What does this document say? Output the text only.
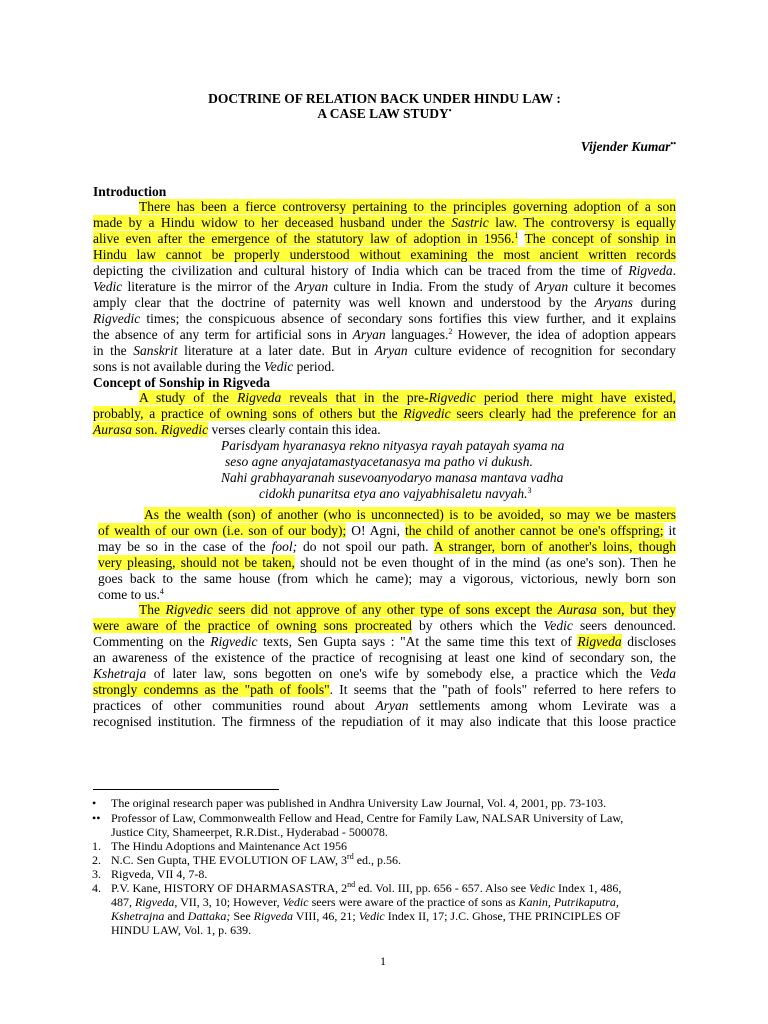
DOCTRINE OF RELATION BACK UNDER HINDU LAW :
A CASE LAW STUDY•
Vijender Kumar••
Introduction
There has been a fierce controversy pertaining to the principles governing adoption of a son
made by a Hindu widow to her deceased husband under the Sastric law. The controversy is equally
alive even after the emergence of the statutory law of adoption in 1956.$^1$ The concept of sonship in
Hindu law cannot be properly understood without examining the most ancient written records
depicting the civilization and cultural history of India which can be traced from the time of Rigveda.
Vedic literature is the mirror of the Aryan culture in India. From the study of Aryan culture it becomes
amply clear that the doctrine of paternity was well known and understood by the Aryans during
Rigvedic times; the conspicuous absence of secondary sons fortifies this view further, and it explains
the absence of any term for artificial sons in Aryan languages.$^2$ However, the idea of adoption appears
in the Sanskrit literature at a later date. But in Aryan culture evidence of recognition for secondary
sons is not available during the Vedic period.
Concept of Sonship in Rigveda
A study of the Rigveda reveals that in the pre-Rigvedic period there might have existed,
probably, a practice of owning sons of others but the Rigvedic seers clearly had the preference for an
Aurasa son. Rigvedic verses clearly contain this idea.
Parisdyam hyaranasya rekno nityasya rayah patayah syama na
seso agne anyajatamastyacetanasya ma patho vi dukush.
Nahi grabhayaranah susevoanyodaryo manasa mantava vadha
cidokh punaritsa etya ano vajyabhisaletu navyah.$^3$
As the wealth (son) of another (who is unconnected) is to be avoided, so may we be masters
of wealth of our own (i.e. son of our body); O! Agni, the child of another cannot be one's offspring; it
may be so in the case of the fool; do not spoil our path. A stranger, born of another's loins, though
very pleasing, should not be taken, should not be even thought of in the mind (as one's son). Then he
goes back to the same house (from which he came); may a vigorous, victorious, newly born son
come to us.$^4$
The Rigvedic seers did not approve of any other type of sons except the Aurasa son, but they
were aware of the practice of owning sons procreated by others which the Vedic seers denounced.
Commenting on the Rigvedic texts, Sen Gupta says : "At the same time this text of Rigveda discloses
an awareness of the existence of the practice of recognising at least one kind of secondary son, the
Kshetraja of later law, sons begotten on one's wife by somebody else, a practice which the Veda
strongly condemns as the "path of fools". It seems that the "path of fools" referred to here refers to
practices of other communities round about Aryan settlements among whom Levirate was a
recognised institution. The firmness of the repudiation of it may also indicate that this loose practice
• The original research paper was published in Andhra University Law Journal, Vol. 4, 2001, pp. 73-103.
•• Professor of Law, Commonwealth Fellow and Head, Centre for Family Law, NALSAR University of Law,
Justice City, Shameerpet, R.R.Dist., Hyderabad - 500078.
1. The Hindu Adoptions and Maintenance Act 1956
2. N.C. Sen Gupta, THE EVOLUTION OF LAW, 3rd ed., p.56.
3. Rigveda, VII 4, 7-8.
4. P.V. Kane, HISTORY OF DHARMASASTRA, 2nd ed. Vol. III, pp. 656 - 657. Also see Vedic Index 1, 486,
487, Rigveda, VII, 3, 10; However, Vedic seers were aware of the practice of sons as Kanin, Putrikaputra,
Kshetrajna and Dattaka; See Rigveda VIII, 46, 21; Vedic Index II, 17; J.C. Ghose, THE PRINCIPLES OF
HINDU LAW, Vol. 1, p. 639.
1
